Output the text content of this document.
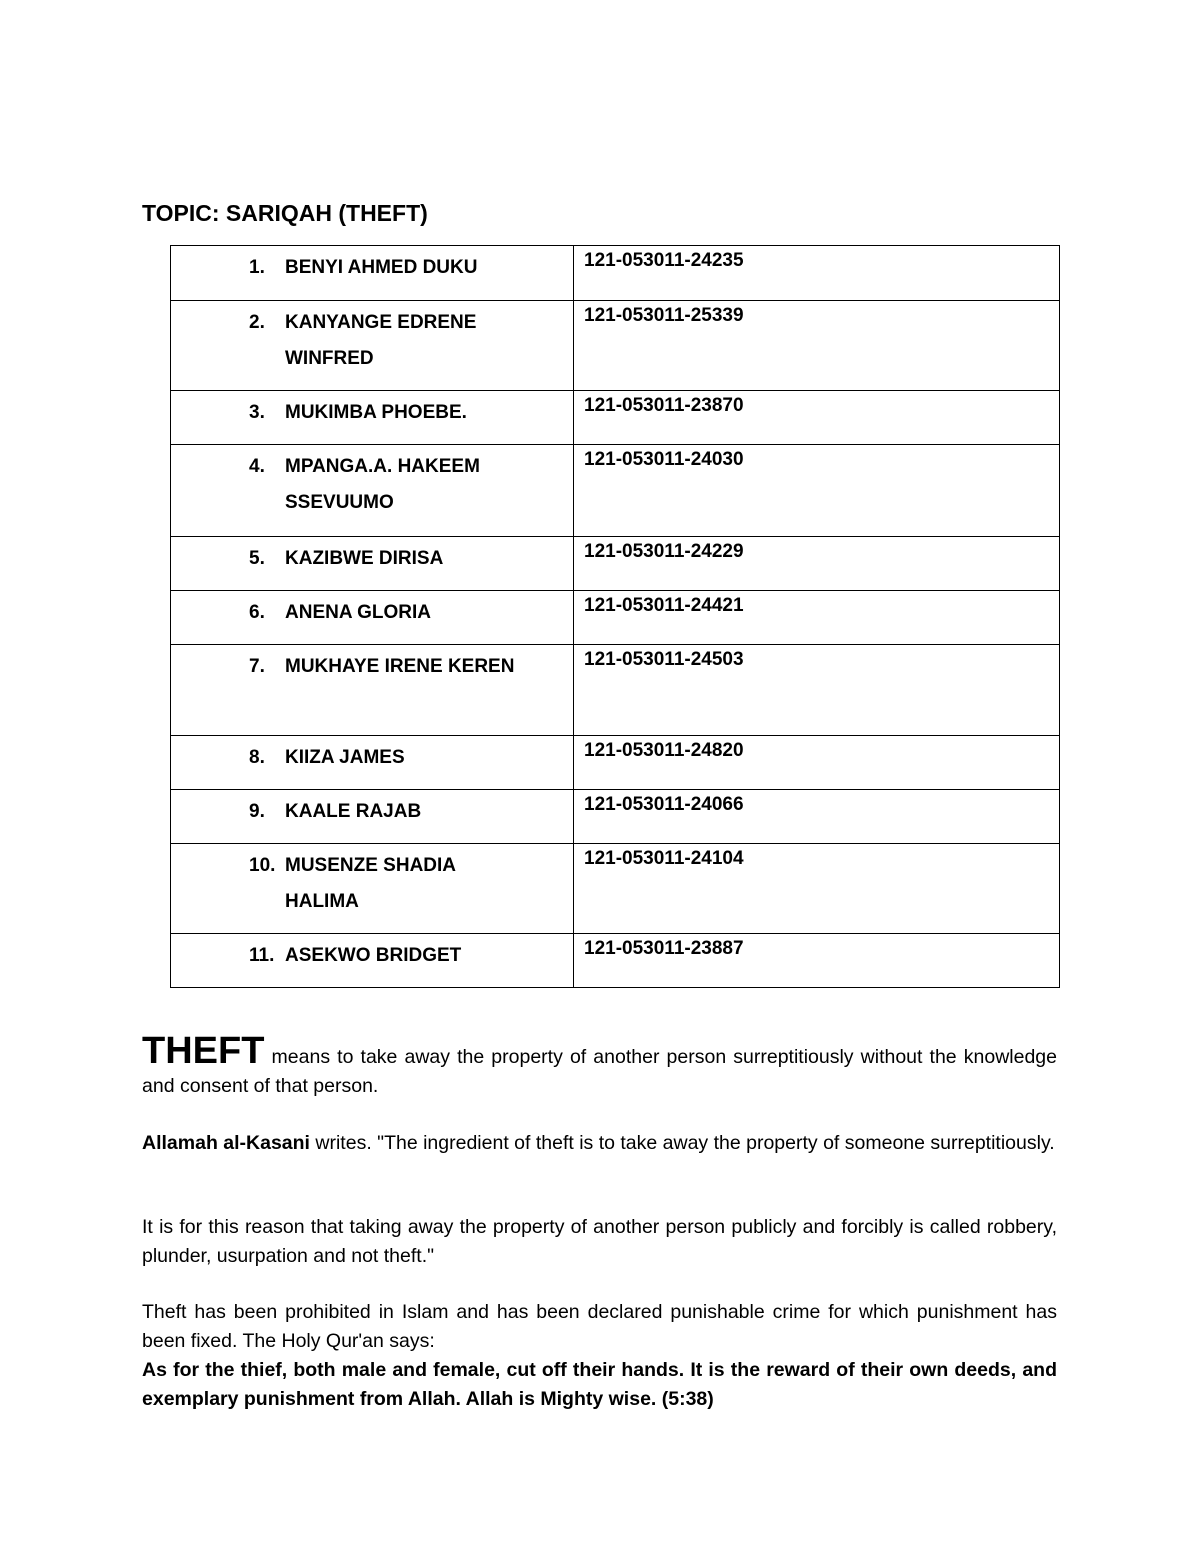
TOPIC: SARIQAH (THEFT)
1. BENYI AHMED DUKU	121-053011-24235

2. KANYANGE EDRENE WINFRED	121-053011-25339

3. MUKIMBA PHOEBE.	121-053011-23870

4. MPANGA.A. HAKEEM SSEVUUMO	121-053011-24030

5. KAZIBWE DIRISA	121-053011-24229

6. ANENA GLORIA	121-053011-24421

7. MUKHAYE IRENE KEREN	121-053011-24503

8. KIIZA JAMES	121-053011-24820

9. KAALE RAJAB	121-053011-24066

10. MUSENZE SHADIA HALIMA	121-053011-24104

11. ASEKWO BRIDGET	121-053011-23887
THEFT means to take away the property of another person surreptitiously without the knowledge and consent of that person.
Allamah al-Kasani writes. "The ingredient of theft is to take away the property of someone surreptitiously.
It is for this reason that taking away the property of another person publicly and forcibly is called robbery, plunder, usurpation and not theft."
Theft has been prohibited in Islam and has been declared punishable crime for which punishment has been fixed. The Holy Qur'an says:
As for the thief, both male and female, cut off their hands. It is the reward of their own deeds, and exemplary punishment from Allah. Allah is Mighty wise. (5:38)
